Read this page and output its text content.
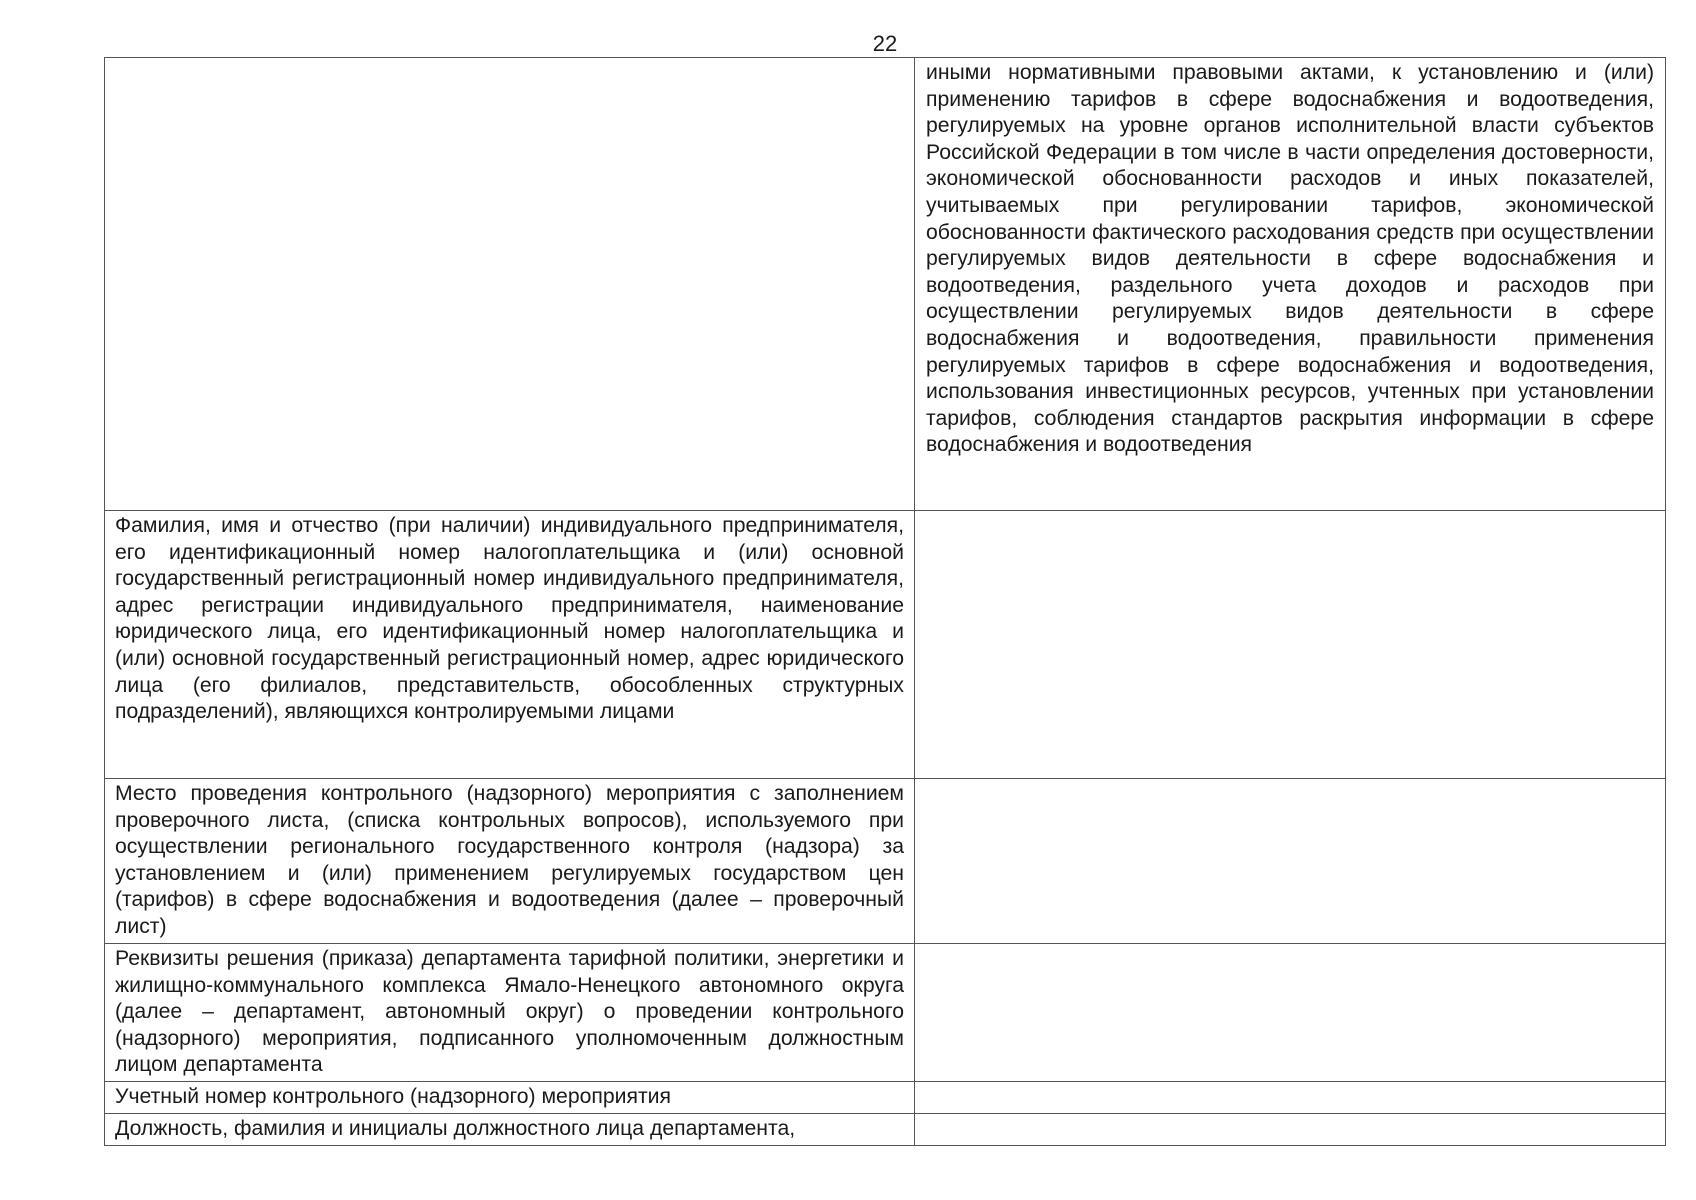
22

	иными нормативными правовыми актами, к установлению и (или) применению тарифов в сфере водоснабжения и водоотведения, регулируемых на уровне органов исполнительной власти субъектов Российской Федерации в том числе в части определения достоверности, экономической обоснованности расходов и иных показателей, учитываемых при регулировании тарифов, экономической обоснованности фактического расходования средств при осуществлении регулируемых видов деятельности в сфере водоснабжения и водоотведения, раздельного учета доходов и расходов при осуществлении регулируемых видов деятельности в сфере водоснабжения и водоотведения, правильности применения регулируемых тарифов в сфере водоснабжения и водоотведения, использования инвестиционных ресурсов, учтенных при установлении тарифов, соблюдения стандартов раскрытия информации в сфере водоснабжения и водоотведения

Фамилия, имя и отчество (при наличии) индивидуального предпринимателя, его идентификационный номер налогоплательщика и (или) основной государственный регистрационный номер индивидуального предпринимателя, адрес регистрации индивидуального предпринимателя, наименование юридического лица, его идентификационный номер налогоплательщика и (или) основной государственный регистрационный номер, адрес юридического лица (его филиалов, представительств, обособленных структурных подразделений), являющихся контролируемыми лицами	

Место проведения контрольного (надзорного) мероприятия с заполнением проверочного листа, (списка контрольных вопросов), используемого при осуществлении регионального государственного контроля (надзора) за установлением и (или) применением регулируемых государством цен (тарифов) в сфере водоснабжения и водоотведения (далее – проверочный лист)	

Реквизиты решения (приказа) департамента тарифной политики, энергетики и жилищно-коммунального комплекса Ямало-Ненецкого автономного округа (далее – департамент, автономный округ) о проведении контрольного (надзорного) мероприятия, подписанного уполномоченным должностным лицом департамента	

Учетный номер контрольного (надзорного) мероприятия	

Должность, фамилия и инициалы должностного лица департамента,	
